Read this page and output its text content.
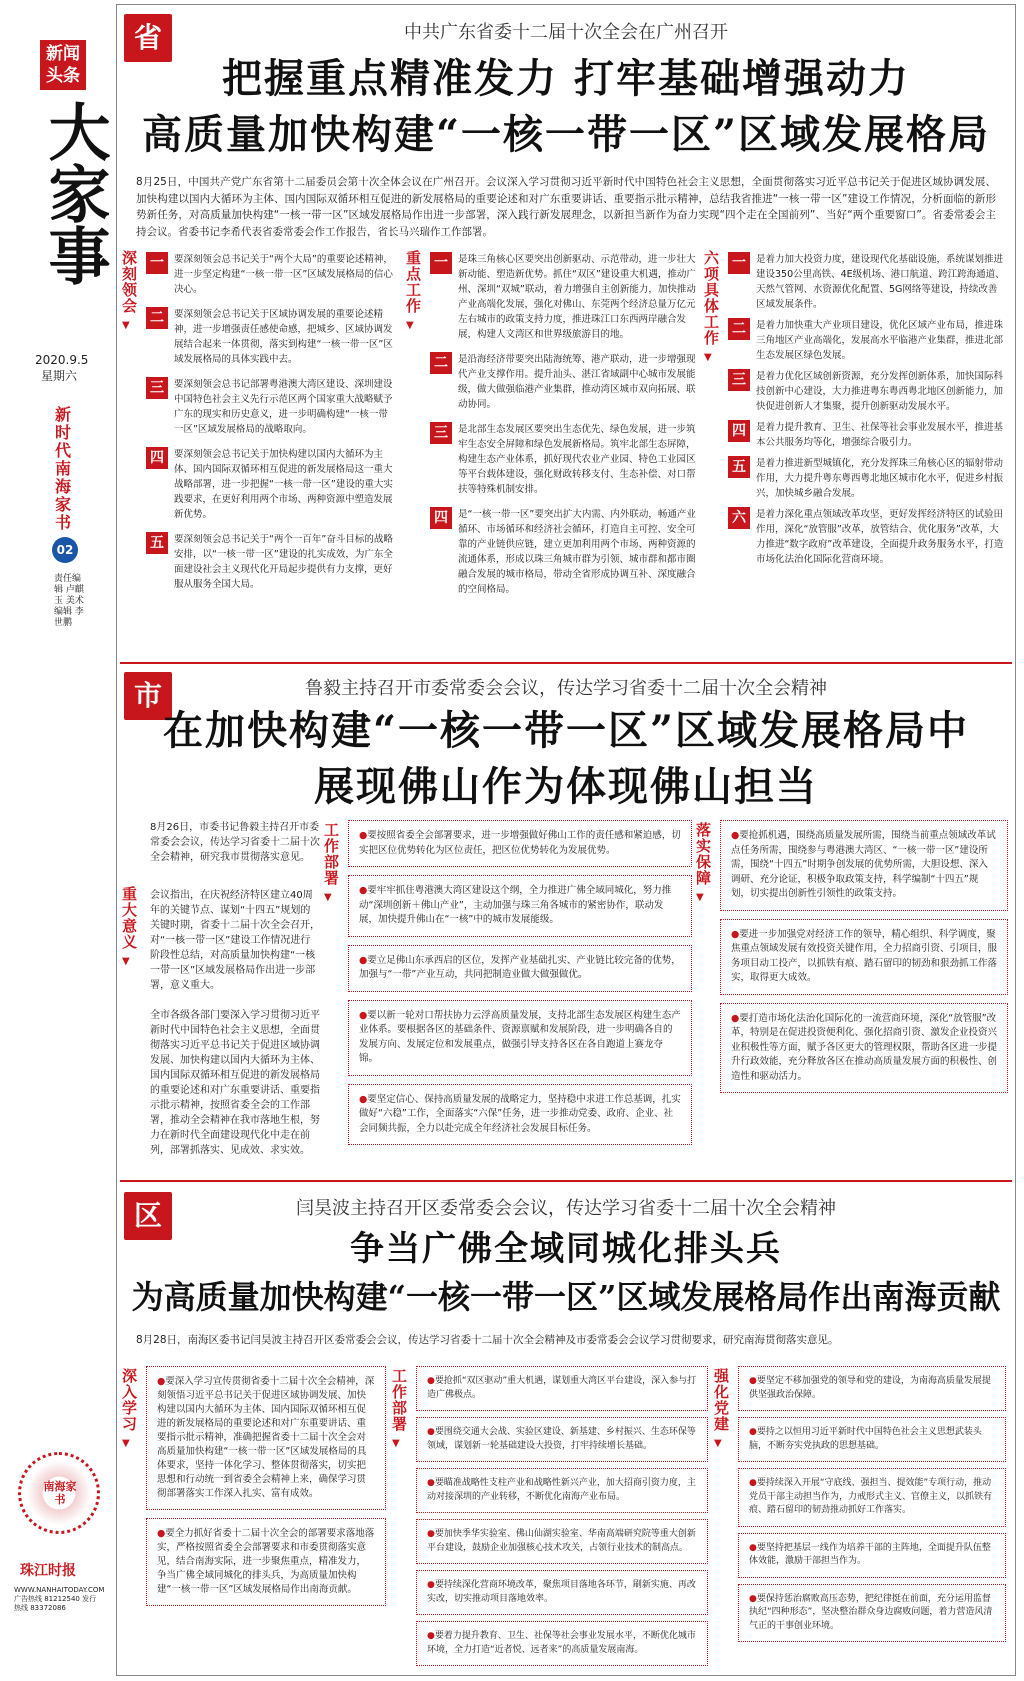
新闻头条
大家事
2020.9.5
星期六
新时代南海家书
02
责任编辑 卢麒玉 美术编辑 李世鹏
南海家书
珠江时报
WWW.NANHAITODAY.COM 广告热线 81212540 发行热线 83372086
省	中共广东省委十二届十次全会在广州召开
把握重点精准发力 打牢基础增强动力
高质量加快构建“一核一带一区”区域发展格局
8月25日，中国共产党广东省第十二届委员会第十次全体会议在广州召开。会议深入学习贯彻习近平新时代中国特色社会主义思想，全面贯彻落实习近平总书记关于促进区域协调发展、加快构建以国内大循环为主体、国内国际双循环相互促进的新发展格局的重要论述和对广东重要讲话、重要指示批示精神，总结我省推进“一核一带一区”建设工作情况，分析面临的新形势新任务，对高质量加快构建“一核一带一区”区域发展格局作出进一步部署，深入践行新发展理念，以新担当新作为奋力实现“四个走在全国前列”、当好“两个重要窗口”。省委常委会主持会议。省委书记李希代表省委常委会作工作报告，省长马兴瑞作工作部署。
深刻领会
▼
一	要深刻领会总书记关于“两个大局”的重要论述精神，进一步坚定构建“一核一带一区”区域发展格局的信心决心。
二	要深刻领会总书记关于区域协调发展的重要论述精神，进一步增强责任感使命感，把城乡、区域协调发展结合起来一体贯彻，落实到构建“一核一带一区”区域发展格局的具体实践中去。
三	要深刻领会总书记部署粤港澳大湾区建设、深圳建设中国特色社会主义先行示范区两个国家重大战略赋予广东的现实和历史意义，进一步明确构建“一核一带一区”区域发展格局的战略取向。
四	要深刻领会总书记关于加快构建以国内大循环为主体、国内国际双循环相互促进的新发展格局这一重大战略部署，进一步把握“一核一带一区”建设的重大实践要求，在更好利用两个市场、两种资源中塑造发展新优势。
五	要深刻领会总书记关于“两个一百年”奋斗目标的战略安排，以“一核一带一区”建设的扎实成效，为广东全面建设社会主义现代化开局起步提供有力支撑，更好服从服务全国大局。
重点工作
▼
一	是珠三角核心区要突出创新驱动、示范带动，进一步壮大新动能、塑造新优势。抓住“双区”建设重大机遇，推动广州、深圳“双城”联动，着力增强自主创新能力，加快推动产业高端化发展，强化对佛山、东莞两个经济总量万亿元左右城市的政策支持力度，推进珠江口东西两岸融合发展，构建人文湾区和世界级旅游目的地。
二	是沿海经济带要突出陆海统筹、港产联动，进一步增强现代产业支撑作用。提升汕头、湛江省域副中心城市发展能级，做大做强临港产业集群，推动湾区城市双向拓展、联动协同。
三	是北部生态发展区要突出生态优先、绿色发展，进一步筑牢生态安全屏障和绿色发展新格局。筑牢北部生态屏障，构建生态产业体系，抓好现代农业产业园、特色工业园区等平台载体建设，强化财政转移支付、生态补偿、对口帮扶等特殊机制安排。
四	是“一核一带一区”要突出扩大内需、内外联动，畅通产业循环、市场循环和经济社会循环，打造自主可控、安全可靠的产业链供应链，建立更加利用两个市场、两种资源的流通体系，形成以珠三角城市群为引领、城市群和都市圈融合发展的城市格局，带动全省形成协调互补、深度融合的空间格局。
六项具体工作
▼
一	是着力加大投资力度，建设现代化基础设施，系统谋划推进建设350公里高铁、4E级机场、港口航道、跨江跨海通道、天然气管网、水资源优化配置、5G网络等建设，持续改善区域发展条件。
二	是着力加快重大产业项目建设，优化区域产业布局，推进珠三角地区产业高端化，发展高水平临港产业集群，推进北部生态发展区绿色发展。
三	是着力优化区域创新资源，充分发挥创新体系，加快国际科技创新中心建设，大力推进粤东粤西粤北地区创新能力，加快促进创新人才集聚，提升创新驱动发展水平。
四	是着力提升教育、卫生、社保等社会事业发展水平，推进基本公共服务均等化，增强综合吸引力。
五	是着力推进新型城镇化，充分发挥珠三角核心区的辐射带动作用，大力提升粤东粤西粤北地区城市化水平，促进乡村振兴，加快城乡融合发展。
六	是着力深化重点领域改革攻坚，更好发挥经济特区的试验田作用，深化“放管服”改革，放管结合、优化服务”改革，大力推进“数字政府”改革建设，全面提升政务服务水平，打造市场化法治化国际化营商环境。
市	鲁毅主持召开市委常委会会议，传达学习省委十二届十次全会精神
在加快构建“一核一带一区”区域发展格局中
展现佛山作为体现佛山担当
8月26日，市委书记鲁毅主持召开市委常委会会议，传达学习省委十二届十次全会精神，研究我市贯彻落实意见。
重大意义
▼
会议指出，在庆祝经济特区建立40周年的关键节点、谋划“十四五”规划的关键时期，省委十二届十次全会召开，对“一核一带一区”建设工作情况进行阶段性总结，对高质量加快构建“一核一带一区”区域发展格局作出进一步部署，意义重大。
全市各级各部门要深入学习贯彻习近平新时代中国特色社会主义思想，全面贯彻落实习近平总书记关于促进区域协调发展、加快构建以国内大循环为主体、国内国际双循环相互促进的新发展格局的重要论述和对广东重要讲话、重要指示批示精神，按照省委全会的工作部署，推动全会精神在我市落地生根，努力在新时代全面建设现代化中走在前列，部署抓落实、见成效、求实效。
工作部署
▼
●要按照省委全会部署要求，进一步增强做好佛山工作的责任感和紧迫感，切实把区位优势转化为区位责任，把区位优势转化为发展优势。
●要牢牢抓住粤港澳大湾区建设这个纲，全力推进广佛全域同城化，努力推动“深圳创新＋佛山产业”，主动加强与珠三角各城市的紧密协作，联动发展，加快提升佛山在“一核”中的城市发展能级。
●要立足佛山东承西启的区位，发挥产业基础扎实、产业链比较完备的优势，加强与“一带”产业互动，共同把制造业做大做强做优。
●要以新一轮对口帮扶协力云浮高质量发展，支持北部生态发展区构建生态产业体系。要根据各区的基础条件、资源禀赋和发展阶段，进一步明确各自的发展方向、发展定位和发展重点，做强引导支持各区在各自跑道上赛龙夺锦。
●要坚定信心、保持高质量发展的战略定力，坚持稳中求进工作总基调，扎实做好“六稳”工作，全面落实“六保”任务，进一步推动党委、政府、企业、社会同频共振，全力以赴完成全年经济社会发展目标任务。
落实保障
▼
●要抢抓机遇，围绕高质量发展所需，围绕当前重点领域改革试点任务所需，围绕参与粤港澳大湾区、“一核一带一区”建设所需，围绕“十四五”时期争创发展的优势所需，大胆设想、深入调研、充分论证，积极争取政策支持，科学编制“十四五”规划，切实提出创新性引领性的政策支持。
●要进一步加强党对经济工作的领导，精心组织、科学调度，聚焦重点领域发展有效投资关键作用，全力招商引资、引项目，服务项目动工投产，以抓铁有痕、踏石留印的韧劲和狠劲抓工作落实，取得更大成效。
●要打造市场化法治化国际化的一流营商环境，深化“放管服”改革，特别是在促进投资便利化、强化招商引资、激发企业投资兴业积极性等方面，赋予各区更大的管理权限，帮助各区进一步提升行政效能，充分释放各区在推动高质量发展方面的积极性、创造性和驱动活力。
区	闫昊波主持召开区委常委会会议，传达学习省委十二届十次全会精神
争当广佛全域同城化排头兵
为高质量加快构建“一核一带一区”区域发展格局作出南海贡献
8月28日，南海区委书记闫昊波主持召开区委常委会会议，传达学习省委十二届十次全会精神及市委常委会会议学习贯彻要求，研究南海贯彻落实意见。
深入学习
▼
●要深入学习宣传贯彻省委十二届十次全会精神，深刻领悟习近平总书记关于促进区域协调发展、加快构建以国内大循环为主体、国内国际双循环相互促进的新发展格局的重要论述和对广东重要讲话、重要指示批示精神，准确把握省委十二届十次全会对高质量加快构建“一核一带一区”区域发展格局的具体要求，坚持一体化学习、整体贯彻落实，切实把思想和行动统一到省委全会精神上来，确保学习贯彻部署落实工作深入扎实、富有成效。
●要全力抓好省委十二届十次全会的部署要求落地落实，严格按照省委全会部署要求和市委贯彻落实意见，结合南海实际，进一步聚焦重点，精准发力，争当广佛全域同城化的排头兵，为高质量加快构建“一核一带一区”区域发展格局作出南海贡献。
工作部署
▼
●要抢抓“双区驱动”重大机遇，谋划重大湾区平台建设，深入参与打造广佛极点。
●要围绕交通大会战、实验区建设、新基建、乡村振兴、生态环保等领域，谋划新一轮基础建设大投资，打牢持续增长基础。
●要瞄准战略性支柱产业和战略性新兴产业，加大招商引资力度，主动对接深圳的产业转移，不断优化南海产业布局。
●要加快季华实验室、佛山仙湖实验室、华南高端研究院等重大创新平台建设，鼓励企业加强核心技术攻关，占领行业技术的制高点。
●要持续深化营商环境改革，聚焦项目落地各环节，刷新实施、再改实改，切实推动项目落地效率。
●要着力提升教育、卫生、社保等社会事业发展水平，不断优化城市环境，全力打造“近者悦、远者来”的高质量发展南海。
强化党建
▼
●要坚定不移加强党的领导和党的建设，为南海高质量发展提供坚强政治保障。
●要持之以恒用习近平新时代中国特色社会主义思想武装头脑，不断夯实党执政的思想基础。
●要持续深入开展“守底线、强担当、提效能”专项行动，推动党员干部主动担当作为，力戒形式主义、官僚主义，以抓铁有痕、踏石留印的韧劲推动抓好工作落实。
●要坚持把基层一线作为培养干部的主阵地，全面提升队伍整体效能，激励干部担当作为。
●要保持惩治腐败高压态势，把纪律挺在前面，充分运用监督执纪“四种形态”，坚决整治群众身边腐败问题，着力营造风清气正的干事创业环境。
